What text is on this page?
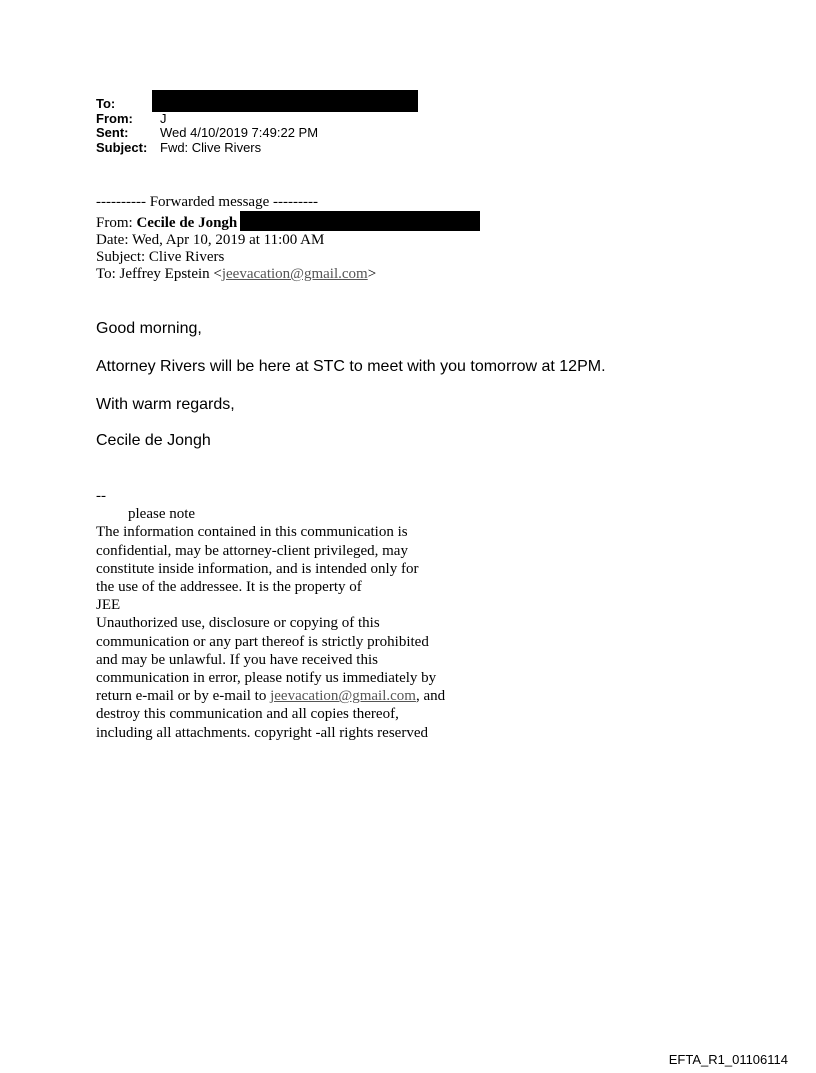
To:
From: J
Sent: Wed 4/10/2019 7:49:22 PM
Subject: Fwd: Clive Rivers
---------- Forwarded message ---------
From: Cecile de Jongh
Date: Wed, Apr 10, 2019 at 11:00 AM
Subject: Clive Rivers
To: Jeffrey Epstein <jeevacation@gmail.com>

Good morning,

Attorney Rivers will be here at STC to meet with you tomorrow at 12PM.

With warm regards,

Cecile de Jongh

--
please note
The information contained in this communication is
confidential, may be attorney-client privileged, may
constitute inside information, and is intended only for
the use of the addressee. It is the property of
JEE
Unauthorized use, disclosure or copying of this
communication or any part thereof is strictly prohibited
and may be unlawful. If you have received this
communication in error, please notify us immediately by
return e-mail or by e-mail to jeevacation@gmail.com, and
destroy this communication and all copies thereof,
including all attachments. copyright -all rights reserved
EFTA_R1_01106114
